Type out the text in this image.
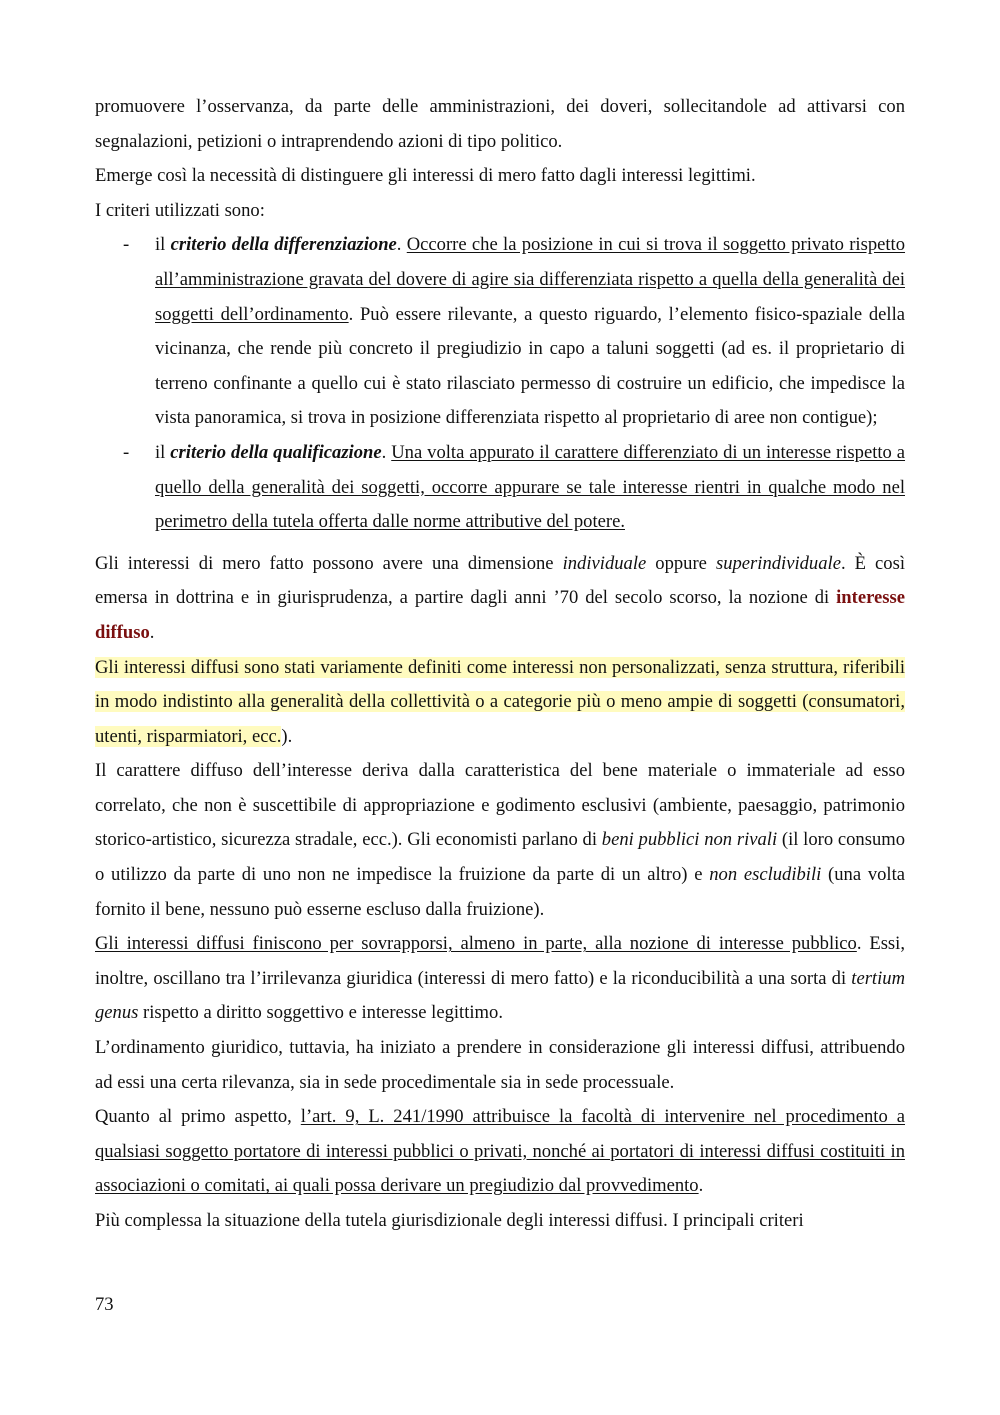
promuovere l’osservanza, da parte delle amministrazioni, dei doveri, sollecitandole ad attivarsi con segnalazioni, petizioni o intraprendendo azioni di tipo politico.

Emerge così la necessità di distinguere gli interessi di mero fatto dagli interessi legittimi.

I criteri utilizzati sono:

- il criterio della differenziazione. Occorre che la posizione in cui si trova il soggetto privato rispetto all’amministrazione gravata del dovere di agire sia differenziata rispetto a quella della generalità dei soggetti dell’ordinamento. Può essere rilevante, a questo riguardo, l’elemento fisico-spaziale della vicinanza, che rende più concreto il pregiudizio in capo a taluni soggetti (ad es. il proprietario di terreno confinante a quello cui è stato rilasciato permesso di costruire un edificio, che impedisce la vista panoramica, si trova in posizione differenziata rispetto al proprietario di aree non contigue);
- il criterio della qualificazione. Una volta appurato il carattere differenziato di un interesse rispetto a quello della generalità dei soggetti, occorre appurare se tale interesse rientri in qualche modo nel perimetro della tutela offerta dalle norme attributive del potere.

Gli interessi di mero fatto possono avere una dimensione individuale oppure superindividuale. È così emersa in dottrina e in giurisprudenza, a partire dagli anni ’70 del secolo scorso, la nozione di interesse diffuso.

Gli interessi diffusi sono stati variamente definiti come interessi non personalizzati, senza struttura, riferibili in modo indistinto alla generalità della collettività o a categorie più o meno ampie di soggetti (consumatori, utenti, risparmiatori, ecc.).

Il carattere diffuso dell’interesse deriva dalla caratteristica del bene materiale o immateriale ad esso correlato, che non è suscettibile di appropriazione e godimento esclusivi (ambiente, paesaggio, patrimonio storico-artistico, sicurezza stradale, ecc.). Gli economisti parlano di beni pubblici non rivali (il loro consumo o utilizzo da parte di uno non ne impedisce la fruizione da parte di un altro) e non escludibili (una volta fornito il bene, nessuno può esserne escluso dalla fruizione).

Gli interessi diffusi finiscono per sovrapporsi, almeno in parte, alla nozione di interesse pubblico. Essi, inoltre, oscillano tra l’irrilevanza giuridica (interessi di mero fatto) e la riconducibilità a una sorta di tertium genus rispetto a diritto soggettivo e interesse legittimo.

L’ordinamento giuridico, tuttavia, ha iniziato a prendere in considerazione gli interessi diffusi, attribuendo ad essi una certa rilevanza, sia in sede procedimentale sia in sede processuale.

Quanto al primo aspetto, l’art. 9, L. 241/1990 attribuisce la facoltà di intervenire nel procedimento a qualsiasi soggetto portatore di interessi pubblici o privati, nonché ai portatori di interessi diffusi costituiti in associazioni o comitati, ai quali possa derivare un pregiudizio dal provvedimento.

Più complessa la situazione della tutela giurisdizionale degli interessi diffusi. I principali criteri

73
